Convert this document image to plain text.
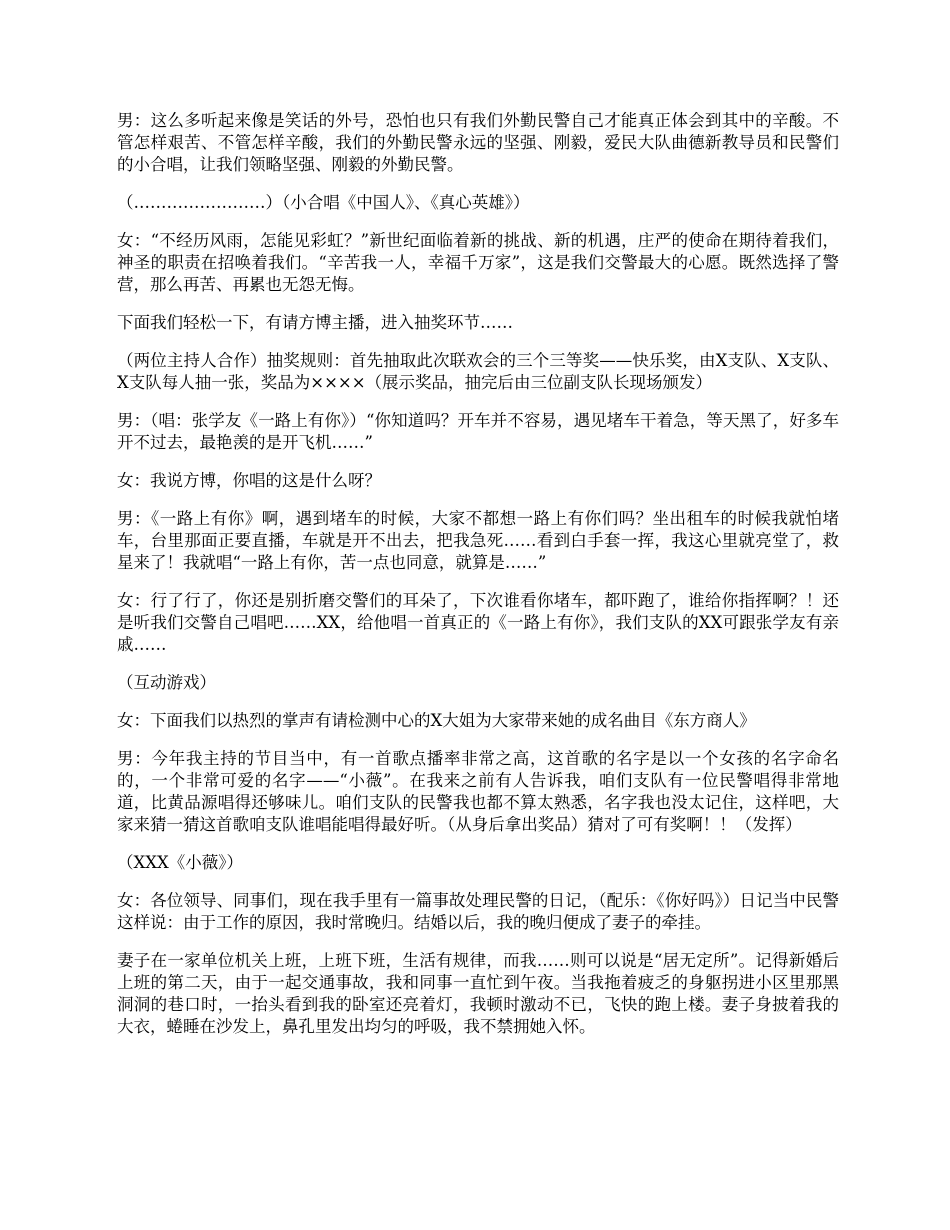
男：这么多听起来像是笑话的外号，恐怕也只有我们外勤民警自己才能真正体会到其中的辛酸。不管怎样艰苦、不管怎样辛酸，我们的外勤民警永远的坚强、刚毅，爱民大队曲德新教导员和民警们的小合唱，让我们领略坚强、刚毅的外勤民警。

（……………………）（小合唱《中国人》、《真心英雄》）

女：“不经历风雨，怎能见彩虹？”新世纪面临着新的挑战、新的机遇，庄严的使命在期待着我们，神圣的职责在招唤着我们。“辛苦我一人，幸福千万家”，这是我们交警最大的心愿。既然选择了警营，那么再苦、再累也无怨无悔。

下面我们轻松一下，有请方博主播，进入抽奖环节……

（两位主持人合作）抽奖规则：首先抽取此次联欢会的三个三等奖——快乐奖，由X支队、X支队、X支队每人抽一张，奖品为××××（展示奖品，抽完后由三位副支队长现场颁发）

男：（唱：张学友《一路上有你》）“你知道吗？开车并不容易，遇见堵车干着急，等天黑了，好多车开不过去，最艳羡的是开飞机……”

女：我说方博，你唱的这是什么呀？

男：《一路上有你》啊，遇到堵车的时候，大家不都想一路上有你们吗？坐出租车的时候我就怕堵车，台里那面正要直播，车就是开不出去，把我急死……看到白手套一挥，我这心里就亮堂了，救星来了！我就唱“一路上有你，苦一点也同意，就算是……”

女：行了行了，你还是别折磨交警们的耳朵了，下次谁看你堵车，都吓跑了，谁给你指挥啊？！还是听我们交警自己唱吧……XX，给他唱一首真正的《一路上有你》，我们支队的XX可跟张学友有亲戚……

（互动游戏）

女：下面我们以热烈的掌声有请检测中心的X大姐为大家带来她的成名曲目《东方商人》

男：今年我主持的节目当中，有一首歌点播率非常之高，这首歌的名字是以一个女孩的名字命名的，一个非常可爱的名字——“小薇”。在我来之前有人告诉我，咱们支队有一位民警唱得非常地道，比黄品源唱得还够味儿。咱们支队的民警我也都不算太熟悉，名字我也没太记住，这样吧，大家来猜一猜这首歌咱支队谁唱能唱得最好听。（从身后拿出奖品）猜对了可有奖啊！！（发挥）

（XXX《小薇》）

女：各位领导、同事们，现在我手里有一篇事故处理民警的日记，（配乐：《你好吗》）日记当中民警这样说：由于工作的原因，我时常晚归。结婚以后，我的晚归便成了妻子的牵挂。

妻子在一家单位机关上班，上班下班，生活有规律，而我……则可以说是“居无定所”。记得新婚后上班的第二天，由于一起交通事故，我和同事一直忙到午夜。当我拖着疲乏的身躯拐进小区里那黑洞洞的巷口时，一抬头看到我的卧室还亮着灯，我顿时激动不已，飞快的跑上楼。妻子身披着我的大衣，蜷睡在沙发上，鼻孔里发出均匀的呼吸，我不禁拥她入怀。
